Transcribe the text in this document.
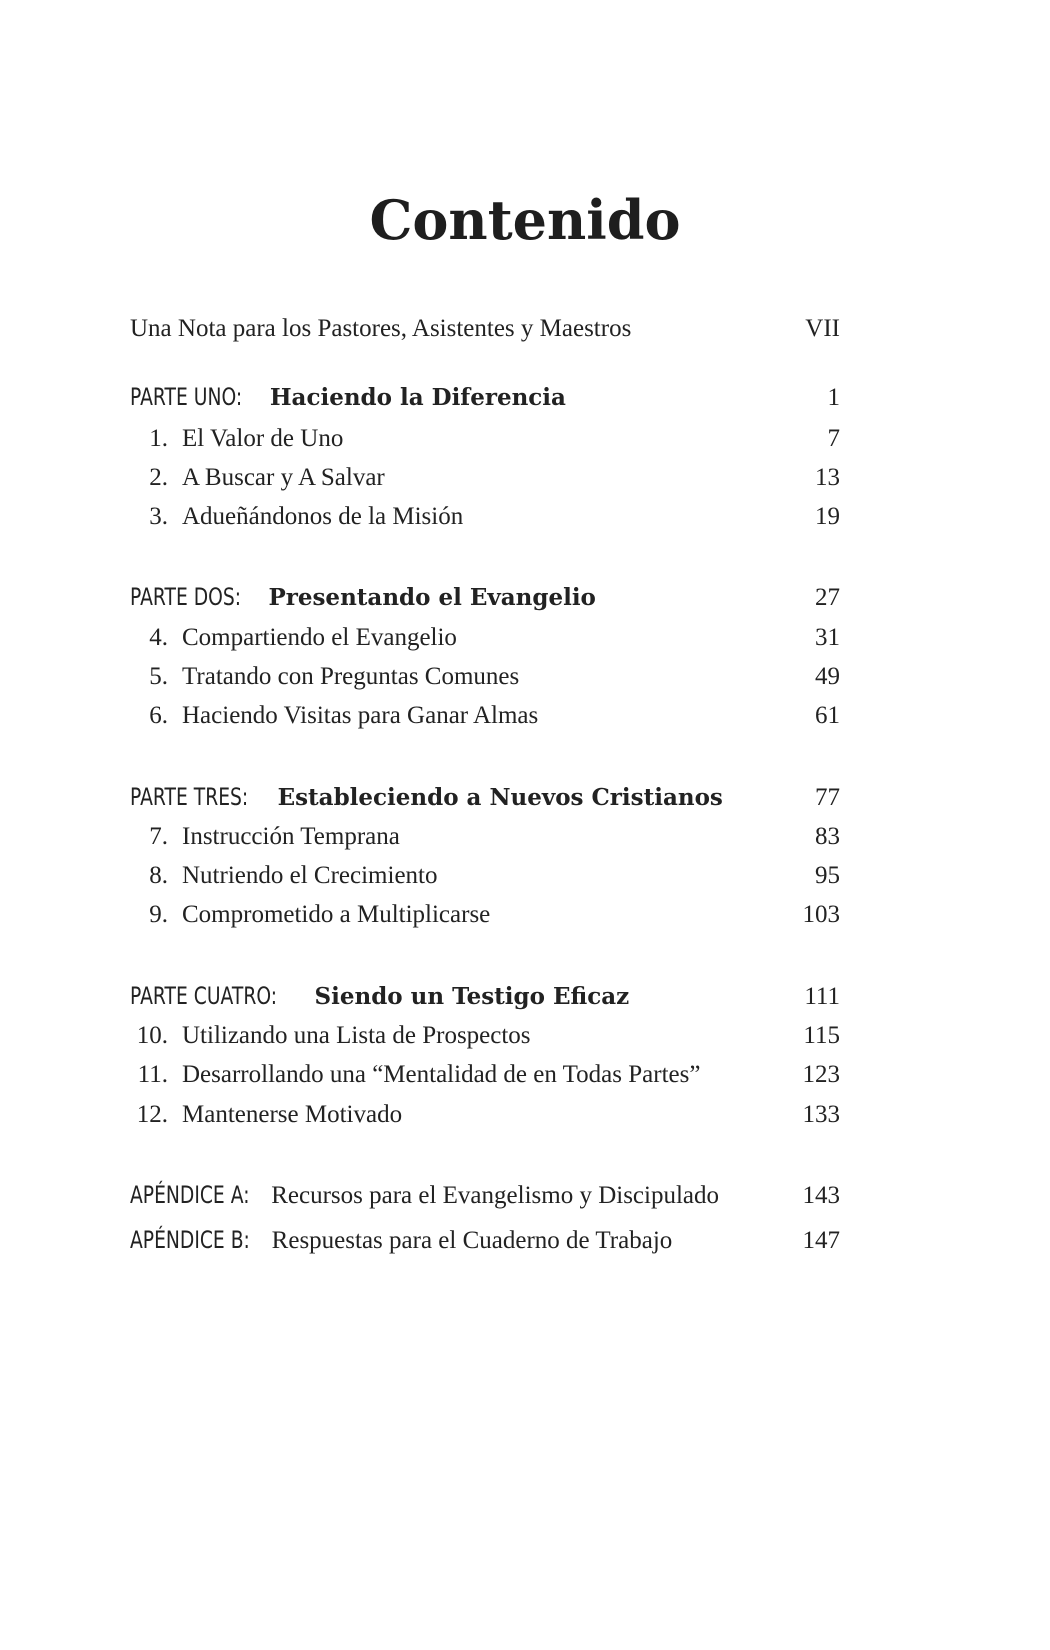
Contenido
Una Nota para los Pastores, Asistentes y Maestros	VII
PARTE UNO: Haciendo la Diferencia	1
1. El Valor de Uno	7
2. A Buscar y A Salvar	13
3. Adueñándonos de la Misión	19
PARTE DOS: Presentando el Evangelio	27
4. Compartiendo el Evangelio	31
5. Tratando con Preguntas Comunes	49
6. Haciendo Visitas para Ganar Almas	61
PARTE TRES: Estableciendo a Nuevos Cristianos	77
7. Instrucción Temprana	83
8. Nutriendo el Crecimiento	95
9. Comprometido a Multiplicarse	103
PARTE CUATRO: Siendo un Testigo Eficaz	111
10. Utilizando una Lista de Prospectos	115
11. Desarrollando una “Mentalidad de en Todas Partes”	123
12. Mantenerse Motivado	133
APÉNDICE A: Recursos para el Evangelismo y Discipulado	143
APÉNDICE B: Respuestas para el Cuaderno de Trabajo	147
